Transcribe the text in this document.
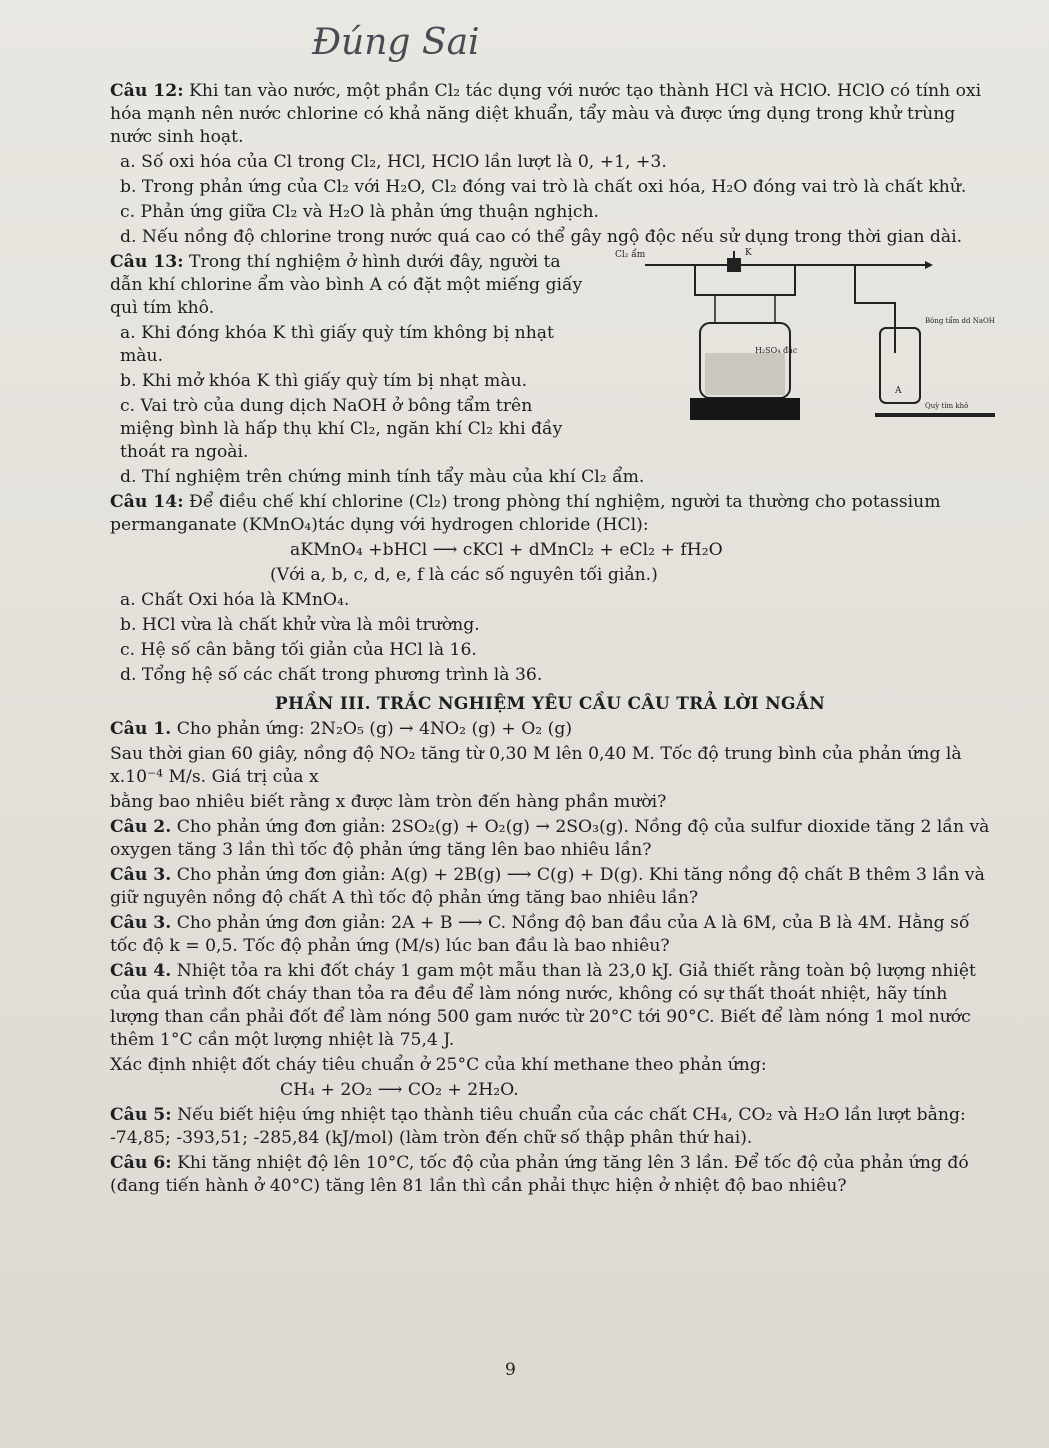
Đúng Sai

Câu 12: Khi tan vào nước, một phần Cl₂ tác dụng với nước tạo thành HCl và HClO. HClO có tính oxi hóa mạnh nên nước chlorine có khả năng diệt khuẩn, tẩy màu và được ứng dụng trong khử trùng nước sinh hoạt.

a. Số oxi hóa của Cl trong Cl₂, HCl, HClO lần lượt là 0, +1, +3.

b. Trong phản ứng của Cl₂ với H₂O, Cl₂ đóng vai trò là chất oxi hóa, H₂O đóng vai trò là chất khử.

c. Phản ứng giữa Cl₂ và H₂O là phản ứng thuận nghịch.

d. Nếu nồng độ chlorine trong nước quá cao có thể gây ngộ độc nếu sử dụng trong thời gian dài.

Câu 13: Trong thí nghiệm ở hình dưới đây, người ta dẫn khí chlorine ẩm vào bình A có đặt một miếng giấy quì tím khô.

a. Khi đóng khóa K thì giấy quỳ tím không bị nhạt màu.

b. Khi mở khóa K thì giấy quỳ tím bị nhạt màu.

c. Vai trò của dung dịch NaOH ở bông tẩm trên miệng bình là hấp thụ khí Cl₂, ngăn khí Cl₂ khi đầy thoát ra ngoài.

Cl₂ ẩm	K
H₂SO₄ đặc
Bông tẩm dd NaOH
A
Quỳ tím khô

d. Thí nghiệm trên chứng minh tính tẩy màu của khí Cl₂ ẩm.

Câu 14: Để điều chế khí chlorine (Cl₂) trong phòng thí nghiệm, người ta thường cho potassium permanganate (KMnO₄)tác dụng với hydrogen chloride (HCl):

aKMnO₄ +bHCl ⟶ cKCl + dMnCl₂ + eCl₂ + fH₂O

(Với a, b, c, d, e, f là các số nguyên tối giản.)

a. Chất Oxi hóa là KMnO₄.

b. HCl vừa là chất khử vừa là môi trường.

c. Hệ số cân bằng tối giản của HCl là 16.

d. Tổng hệ số các chất trong phương trình là 36.

PHẦN III. TRẮC NGHIỆM YÊU CẦU CÂU TRẢ LỜI NGẮN

Câu 1. Cho phản ứng: 2N₂O₅ (g) → 4NO₂ (g) + O₂ (g)

Sau thời gian 60 giây, nồng độ NO₂ tăng từ 0,30 M lên 0,40 M. Tốc độ trung bình của phản ứng là x.10⁻⁴ M/s. Giá trị của x

bằng bao nhiêu biết rằng x được làm tròn đến hàng phần mười?

Câu 2. Cho phản ứng đơn giản: 2SO₂(g) + O₂(g) → 2SO₃(g). Nồng độ của sulfur dioxide tăng 2 lần và oxygen tăng 3 lần thì tốc độ phản ứng tăng lên bao nhiêu lần?

Câu 3. Cho phản ứng đơn giản: A(g) + 2B(g) ⟶ C(g) + D(g). Khi tăng nồng độ chất B thêm 3 lần và giữ nguyên nồng độ chất A thì tốc độ phản ứng tăng bao nhiêu lần?

Câu 3. Cho phản ứng đơn giản: 2A + B ⟶ C. Nồng độ ban đầu của A là 6M, của B là 4M. Hằng số tốc độ k = 0,5. Tốc độ phản ứng (M/s) lúc ban đầu là bao nhiêu?

Câu 4. Nhiệt tỏa ra khi đốt cháy 1 gam một mẫu than là 23,0 kJ. Giả thiết rằng toàn bộ lượng nhiệt của quá trình đốt cháy than tỏa ra đều để làm nóng nước, không có sự thất thoát nhiệt, hãy tính lượng than cần phải đốt để làm nóng 500 gam nước từ 20°C tới 90°C. Biết để làm nóng 1 mol nước thêm 1°C cần một lượng nhiệt là 75,4 J.

Xác định nhiệt đốt cháy tiêu chuẩn ở 25°C của khí methane theo phản ứng:

CH₄ + 2O₂ ⟶ CO₂ + 2H₂O.

Câu 5: Nếu biết hiệu ứng nhiệt tạo thành tiêu chuẩn của các chất CH₄, CO₂ và H₂O lần lượt bằng: -74,85; -393,51; -285,84 (kJ/mol) (làm tròn đến chữ số thập phân thứ hai).

Câu 6: Khi tăng nhiệt độ lên 10°C, tốc độ của phản ứng tăng lên 3 lần. Để tốc độ của phản ứng đó (đang tiến hành ở 40°C) tăng lên 81 lần thì cần phải thực hiện ở nhiệt độ bao nhiêu?

9
